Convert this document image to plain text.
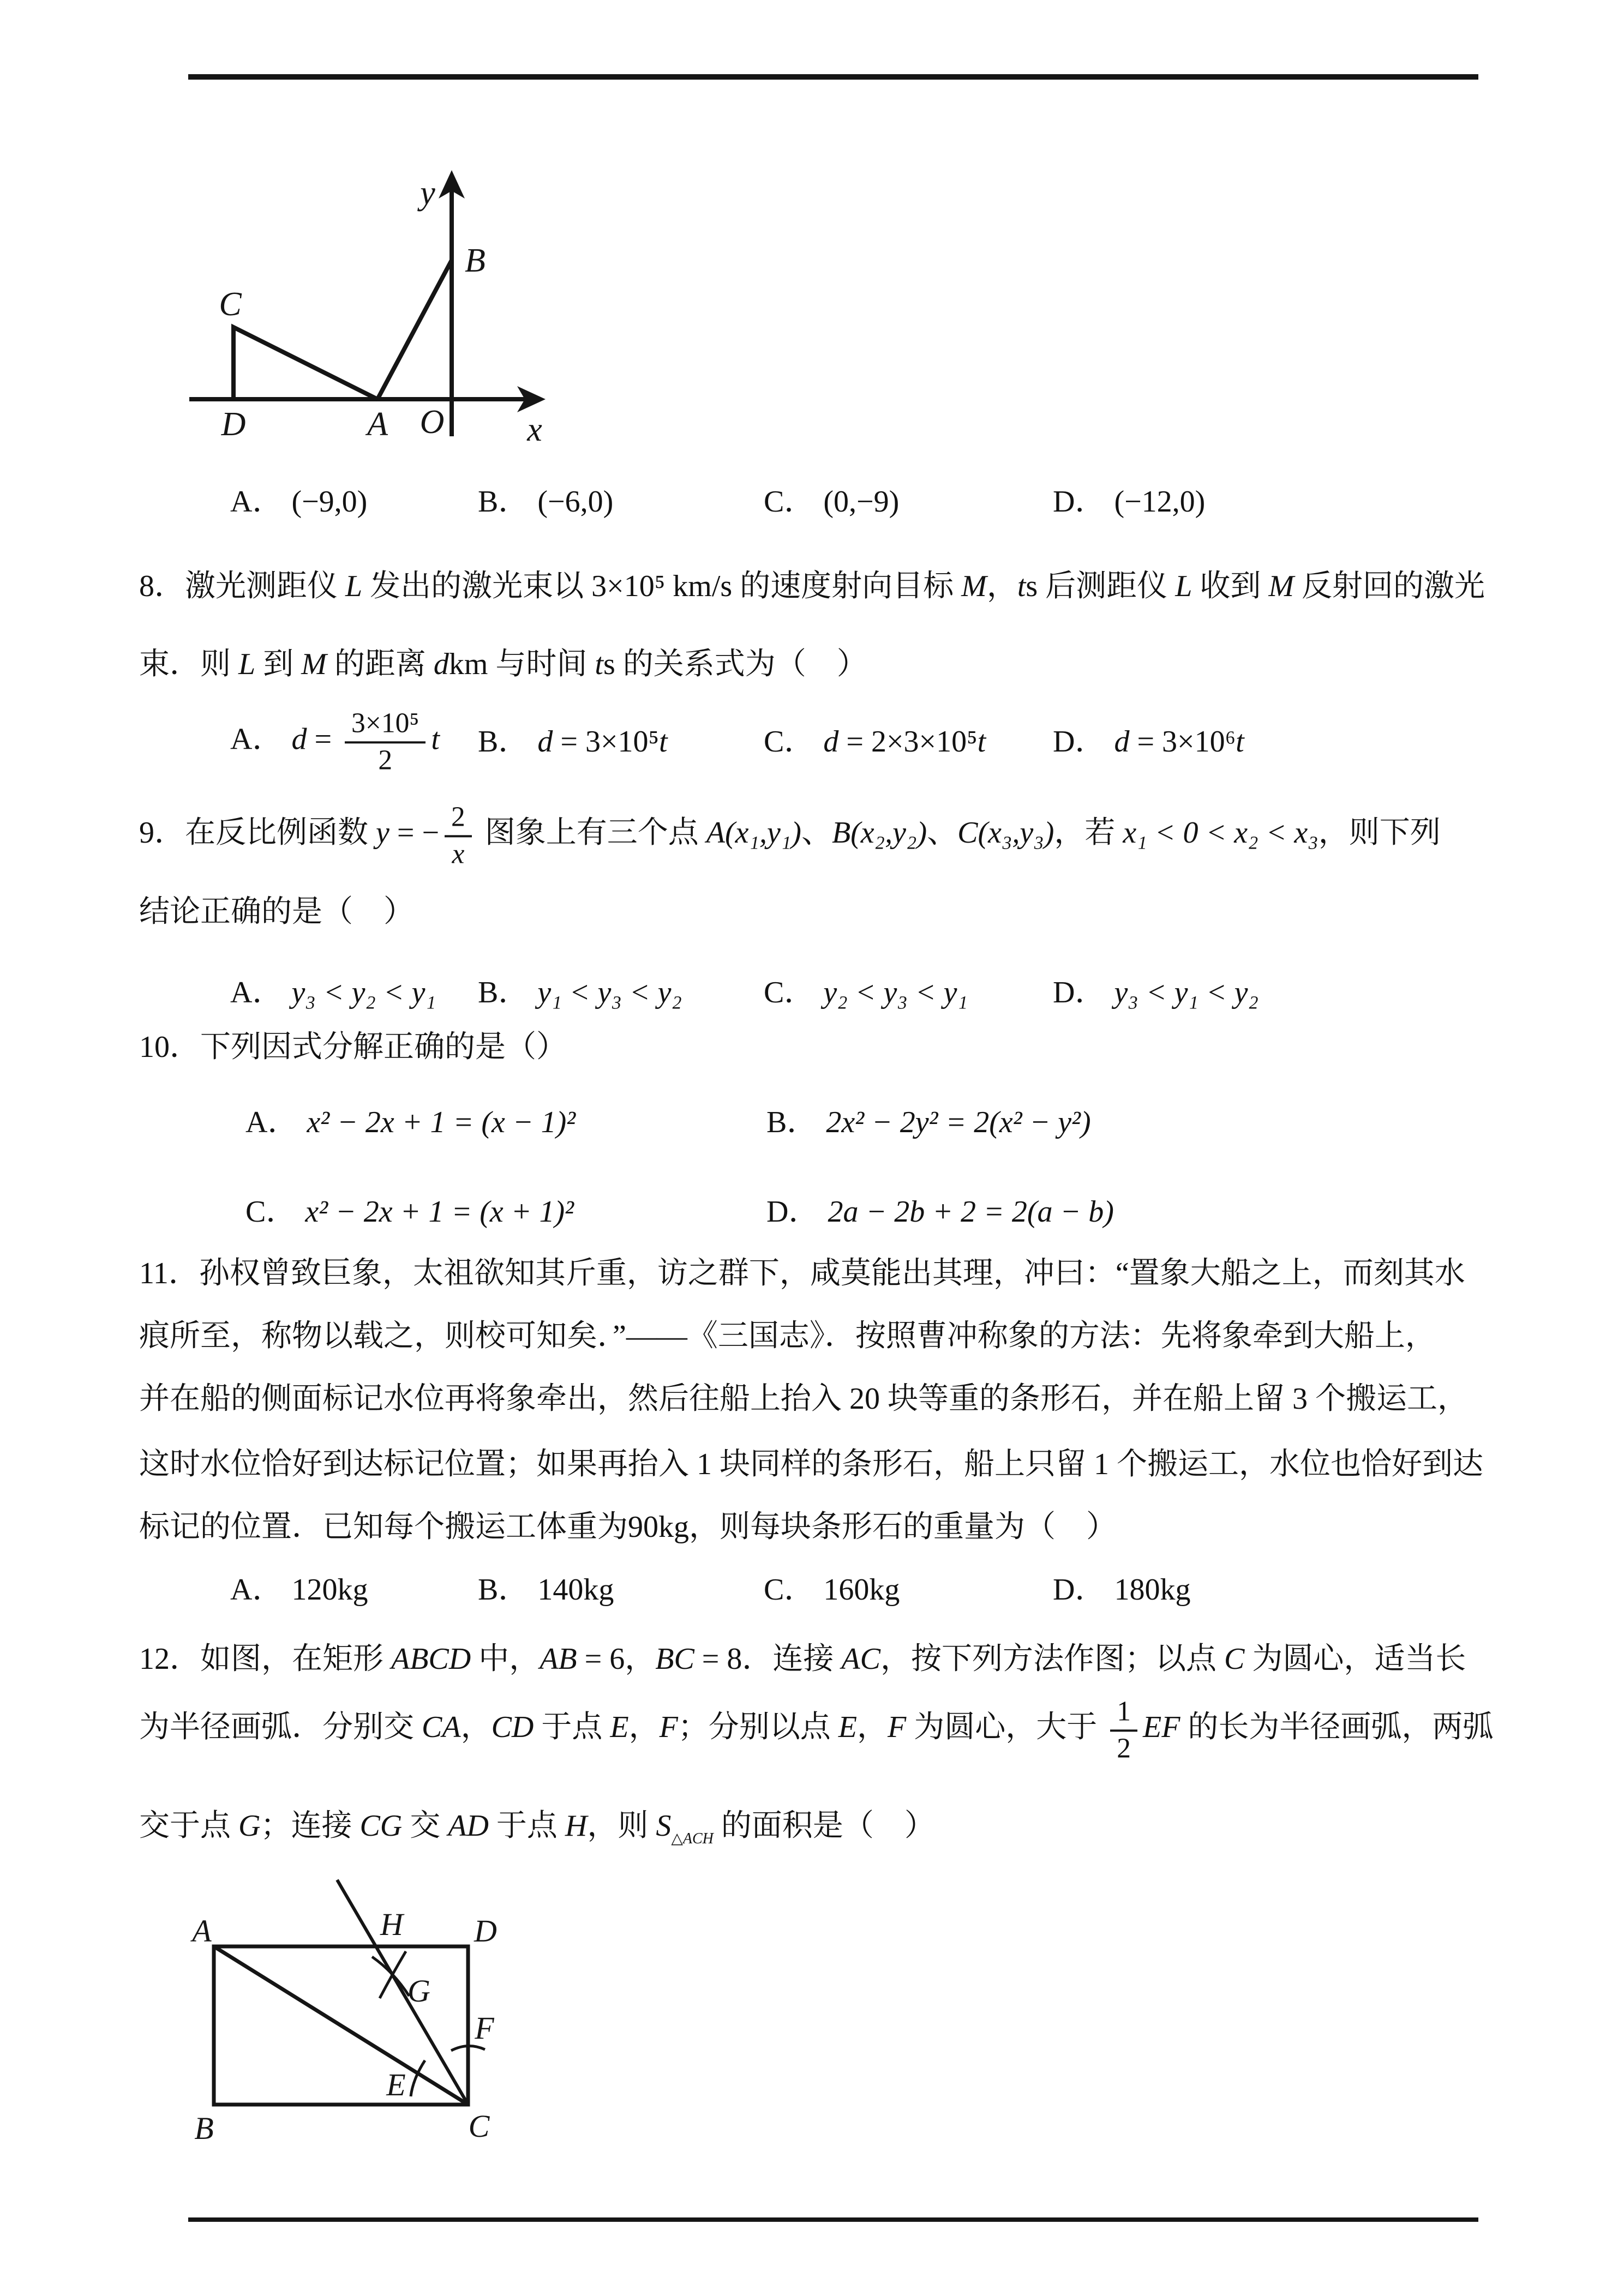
y
B
C
D	A O x
A． (−9,0)	B． (−6,0)	C． (0,−9)	D． (−12,0)
8．激光测距仪 L 发出的激光束以 3×10⁵ km/s 的速度射向目标 M，ts 后测距仪 L 收到 M 反射回的激光
束．则 L 到 M 的距离 dkm 与时间 ts 的关系式为（　）
A． $d = \frac{\text{3×10⁵}}{2}$ t B． d = 3×10⁵t	C． d = 2×3×10⁵t D． d = 3×10⁶t
9．在反比例函数 y = − $\frac{2}{x}$ 图象上有三个点 A(x₁,y₁)、B(x₂,y₂)、C(x₃,y₃)，若 x₁ < 0 < x₂ < x₃，则下列
结论正确的是（　）
A． y₃ < y₂ < y₁ B． y₁ < y₃ < y₂	C． y₂ < y₃ < y₁	D． y₃ < y₁ < y₂
10．下列因式分解正确的是（）
A． x² − 2x + 1 = (x − 1)²	B． 2x² − 2y² = 2(x² − y²)
C． x² − 2x + 1 = (x + 1)²	D． 2a − 2b + 2 = 2(a − b)
11．孙权曾致巨象，太祖欲知其斤重，访之群下，咸莫能出其理，冲曰：“置象大船之上，而刻其水
痕所至，称物以载之，则校可知矣．”——《三国志》．按照曹冲称象的方法：先将象牵到大船上，
并在船的侧面标记水位再将象牵出，然后往船上抬入 20 块等重的条形石，并在船上留 3 个搬运工，
这时水位恰好到达标记位置；如果再抬入 1 块同样的条形石，船上只留 1 个搬运工，水位也恰好到达
标记的位置．已知每个搬运工体重为90kg，则每块条形石的重量为（　）
A． 120kg	B． 140kg	C． 160kg	D． 180kg
12．如图，在矩形 ABCD 中，AB = 6，BC = 8．连接 AC，按下列方法作图；以点 C 为圆心，适当长
为半径画弧．分别交 CA，CD 于点 E，F；分别以点 E，F 为圆心，大于 $\frac{1}{2}$ EF 的长为半径画弧，两弧
交于点 G；连接 CG 交 AD 于点 H，则 $S_{\triangle ACH}$ 的面积是（　）
A	D
B	C
H
G
E
F
